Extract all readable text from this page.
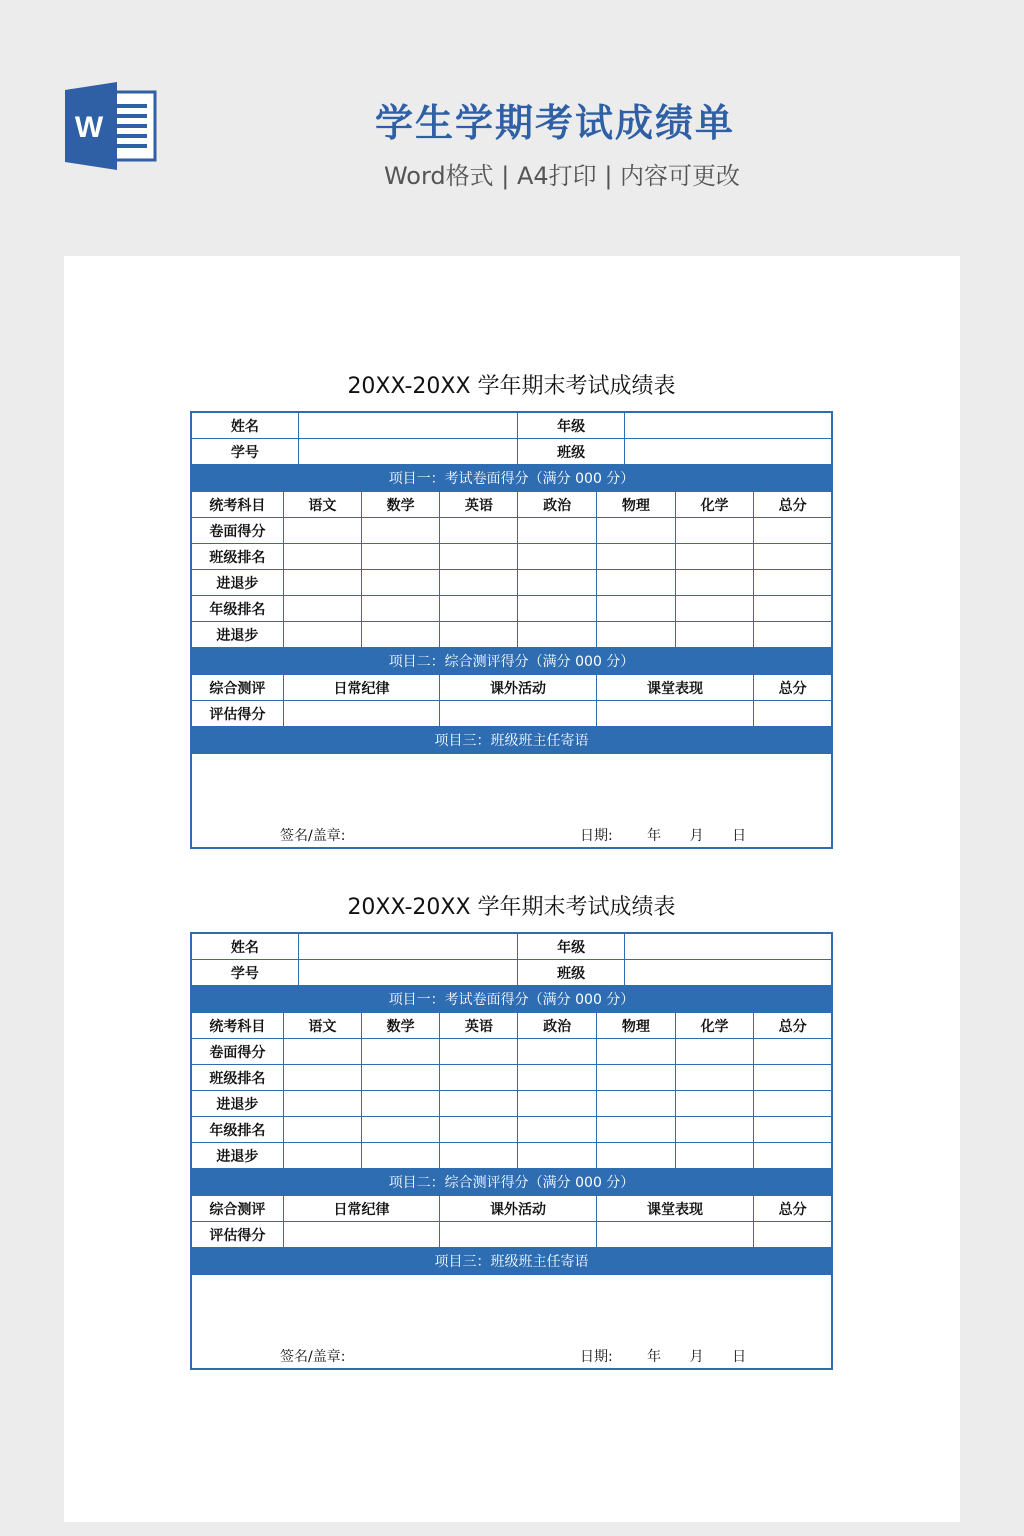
W	学生学期考试成绩单
Word格式 | A4打印 | 内容可更改
20XX-20XX 学年期末考试成绩表
姓名					年级				
学号					班级				
项目一：考试卷面得分（满分 000 分）									
统考科目	语文		数学	英语	政治	物理		化学	总分
卷面得分									
班级排名									
进退步									
年级排名									
进退步									
项目二：综合测评得分（满分 000 分）									
综合测评	日常纪律			课外活动		课堂表现			总分
评估得分									
项目三：班级班主任寄语									

签名/盖章: 日期: 年 月 日									
20XX-20XX 学年期末考试成绩表
姓名					年级				
学号					班级				
项目一：考试卷面得分（满分 000 分）									
统考科目	语文		数学	英语	政治	物理		化学	总分
卷面得分									
班级排名									
进退步									
年级排名									
进退步									
项目二：综合测评得分（满分 000 分）									
综合测评	日常纪律			课外活动		课堂表现			总分
评估得分									
项目三：班级班主任寄语									

签名/盖章: 日期: 年 月 日									
